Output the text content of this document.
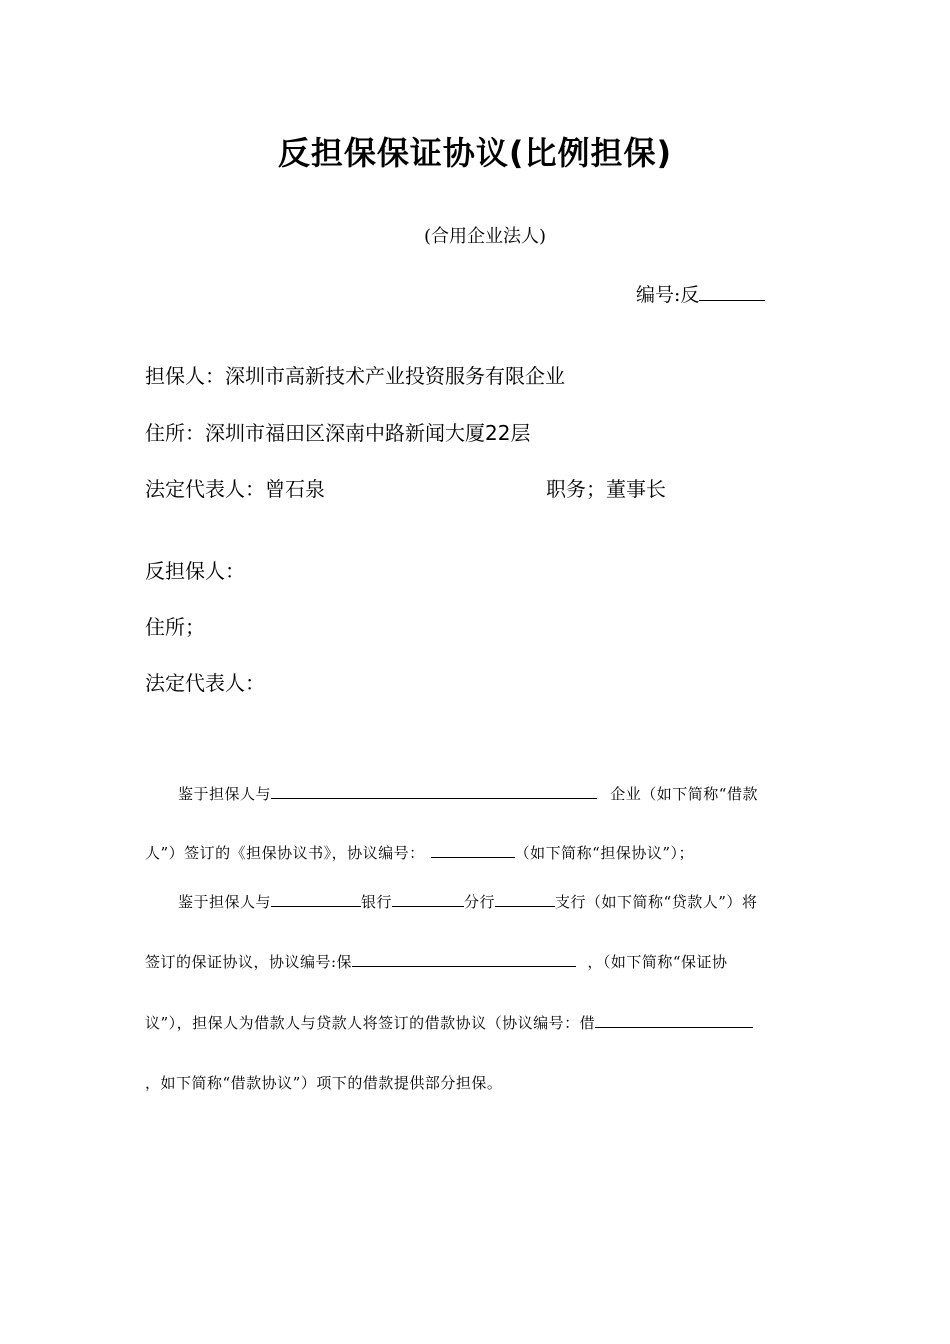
反担保保证协议(比例担保)
(合用企业法人)
编号:反
担保人：深圳市高新技术产业投资服务有限企业
住所：深圳市福田区深南中路新闻大厦22层
法定代表人：曾石泉	职务；董事长
反担保人：
住所；
法定代表人：
鉴于担保人与	企业（如下简称“借款
人”）签订的《担保协议书》，协议编号：	（如下简称“担保协议”）；
鉴于担保人与	银行	分行	支行（如下简称“贷款人”）将
签订的保证协议，协议编号:保	，（如下简称“保证协
议”），担保人为借款人与贷款人将签订的借款协议（协议编号：借
，如下简称“借款协议”）项下的借款提供部分担保。
